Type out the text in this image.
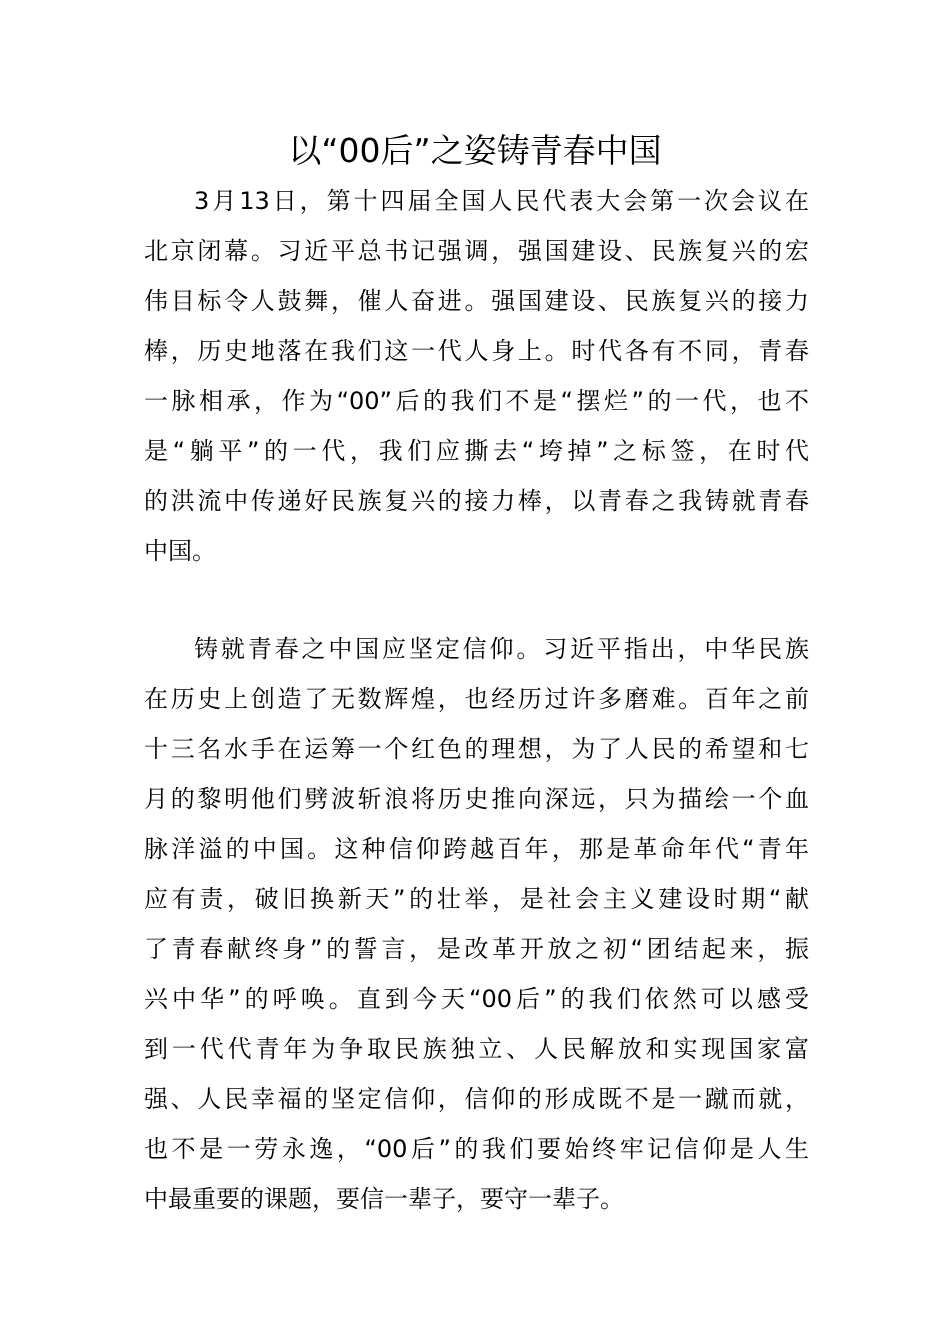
以“00后”之姿铸青春中国
3月13日，第十四届全国人民代表大会第一次会议在
北京闭幕。习近平总书记强调，强国建设、民族复兴的宏
伟目标令人鼓舞，催人奋进。强国建设、民族复兴的接力
棒，历史地落在我们这一代人身上。时代各有不同，青春
一脉相承，作为“00”后的我们不是“摆烂”的一代，也不
是“躺平”的一代，我们应撕去“垮掉”之标签，在时代
的洪流中传递好民族复兴的接力棒，以青春之我铸就青春
中国。
铸就青春之中国应坚定信仰。习近平指出，中华民族
在历史上创造了无数辉煌，也经历过许多磨难。百年之前
十三名水手在运筹一个红色的理想，为了人民的希望和七
月的黎明他们劈波斩浪将历史推向深远，只为描绘一个血
脉洋溢的中国。这种信仰跨越百年，那是革命年代“青年
应有责，破旧换新天”的壮举，是社会主义建设时期“献
了青春献终身”的誓言，是改革开放之初“团结起来，振
兴中华”的呼唤。直到今天“00后”的我们依然可以感受
到一代代青年为争取民族独立、人民解放和实现国家富
强、人民幸福的坚定信仰，信仰的形成既不是一蹴而就，
也不是一劳永逸，“00后”的我们要始终牢记信仰是人生
中最重要的课题，要信一辈子，要守一辈子。
